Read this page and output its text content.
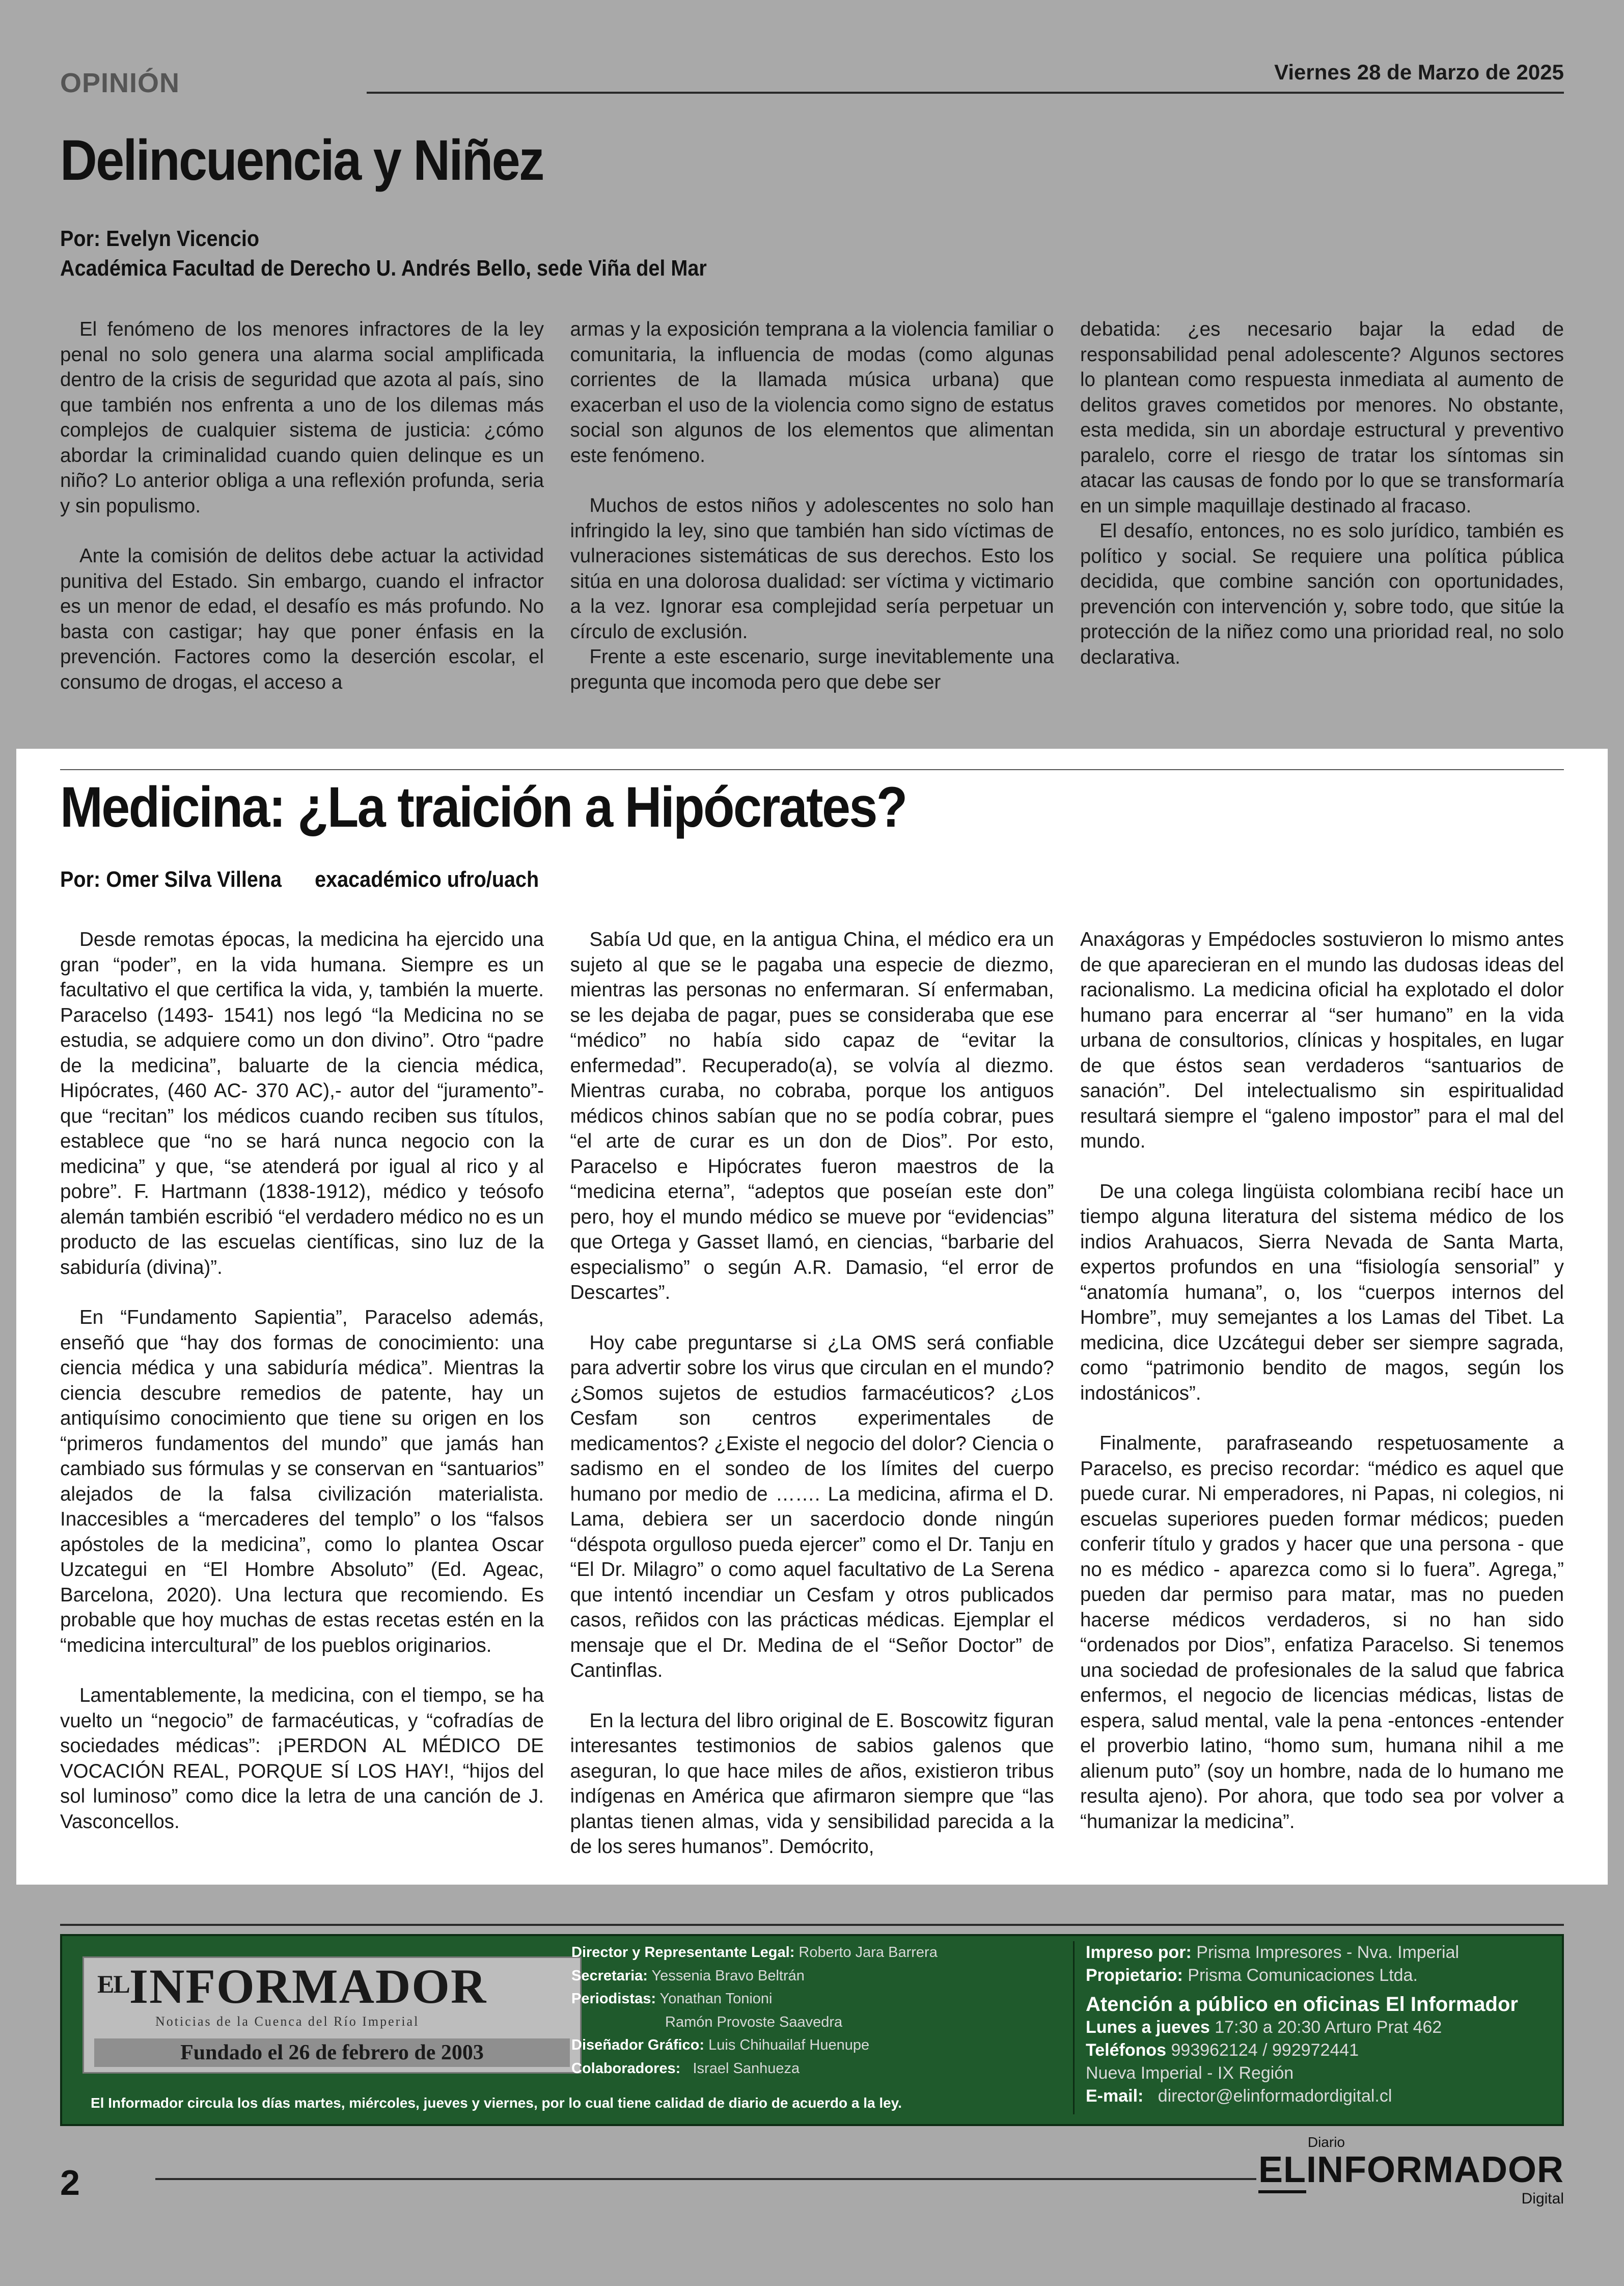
OPINIÓN	Viernes 28 de Marzo de 2025
Delincuencia y Niñez
Por: Evelyn Vicencio
Académica Facultad de Derecho U. Andrés Bello, sede Viña del Mar

El fenómeno de los menores infractores de la ley penal no solo genera una alarma social amplificada dentro de la crisis de seguridad que azota al país, sino que también nos enfrenta a uno de los dilemas más complejos de cualquier sistema de justicia: ¿cómo abordar la criminalidad cuando quien delinque es un niño? Lo anterior obliga a una reflexión profunda, seria y sin populismo.

Ante la comisión de delitos debe actuar la actividad punitiva del Estado. Sin embargo, cuando el infractor es un menor de edad, el desafío es más profundo. No basta con castigar; hay que poner énfasis en la prevención. Factores como la deserción escolar, el consumo de drogas, el acceso a

armas y la exposición temprana a la violencia familiar o comunitaria, la influencia de modas (como algunas corrientes de la llamada música urbana) que exacerban el uso de la violencia como signo de estatus social son algunos de los elementos que alimentan este fenómeno.

Muchos de estos niños y adolescentes no solo han infringido la ley, sino que también han sido víctimas de vulneraciones sistemáticas de sus derechos. Esto los sitúa en una dolorosa dualidad: ser víctima y victimario a la vez. Ignorar esa complejidad sería perpetuar un círculo de exclusión.

Frente a este escenario, surge inevitablemente una pregunta que incomoda pero que debe ser

debatida: ¿es necesario bajar la edad de responsabilidad penal adolescente? Algunos sectores lo plantean como respuesta inmediata al aumento de delitos graves cometidos por menores. No obstante, esta medida, sin un abordaje estructural y preventivo paralelo, corre el riesgo de tratar los síntomas sin atacar las causas de fondo por lo que se transformaría en un simple maquillaje destinado al fracaso.

El desafío, entonces, no es solo jurídico, también es político y social. Se requiere una política pública decidida, que combine sanción con oportunidades, prevención con intervención y, sobre todo, que sitúe la protección de la niñez como una prioridad real, no solo declarativa.

Medicina: ¿La traición a Hipócrates?
Por: Omer Silva Villena exacadémico ufro/uach

Desde remotas épocas, la medicina ha ejercido una gran “poder”, en la vida humana. Siempre es un facultativo el que certifica la vida, y, también la muerte. Paracelso (1493- 1541) nos legó “la Medicina no se estudia, se adquiere como un don divino”. Otro “padre de la medicina”, baluarte de la ciencia médica, Hipócrates, (460 AC- 370 AC),- autor del “juramento”- que “recitan” los médicos cuando reciben sus títulos, establece que “no se hará nunca negocio con la medicina” y que, “se atenderá por igual al rico y al pobre”. F. Hartmann (1838-1912), médico y teósofo alemán también escribió “el verdadero médico no es un producto de las escuelas científicas, sino luz de la sabiduría (divina)”.

En “Fundamento Sapientia”, Paracelso además, enseñó que “hay dos formas de conocimiento: una ciencia médica y una sabiduría médica”. Mientras la ciencia descubre remedios de patente, hay un antiquísimo conocimiento que tiene su origen en los “primeros fundamentos del mundo” que jamás han cambiado sus fórmulas y se conservan en “santuarios” alejados de la falsa civilización materialista. Inaccesibles a “mercaderes del templo” o los “falsos apóstoles de la medicina”, como lo plantea Oscar Uzcategui en “El Hombre Absoluto” (Ed. Ageac, Barcelona, 2020). Una lectura que recomiendo. Es probable que hoy muchas de estas recetas estén en la “medicina intercultural” de los pueblos originarios.

Lamentablemente, la medicina, con el tiempo, se ha vuelto un “negocio” de farmacéuticas, y “cofradías de sociedades médicas”: ¡PERDON AL MÉDICO DE VOCACIÓN REAL, PORQUE SÍ LOS HAY!, “hijos del sol luminoso” como dice la letra de una canción de J. Vasconcellos.

Sabía Ud que, en la antigua China, el médico era un sujeto al que se le pagaba una especie de diezmo, mientras las personas no enfermaran. Sí enfermaban, se les dejaba de pagar, pues se consideraba que ese “médico” no había sido capaz de “evitar la enfermedad”. Recuperado(a), se volvía al diezmo. Mientras curaba, no cobraba, porque los antiguos médicos chinos sabían que no se podía cobrar, pues “el arte de curar es un don de Dios”. Por esto, Paracelso e Hipócrates fueron maestros de la “medicina eterna”, “adeptos que poseían este don” pero, hoy el mundo médico se mueve por “evidencias” que Ortega y Gasset llamó, en ciencias, “barbarie del especialismo” o según A.R. Damasio, “el error de Descartes”.

Hoy cabe preguntarse si ¿La OMS será confiable para advertir sobre los virus que circulan en el mundo? ¿Somos sujetos de estudios farmacéuticos? ¿Los Cesfam son centros experimentales de medicamentos? ¿Existe el negocio del dolor? Ciencia o sadismo en el sondeo de los límites del cuerpo humano por medio de ……. La medicina, afirma el D. Lama, debiera ser un sacerdocio donde ningún “déspota orgulloso pueda ejercer” como el Dr. Tanju en “El Dr. Milagro” o como aquel facultativo de La Serena que intentó incendiar un Cesfam y otros publicados casos, reñidos con las prácticas médicas. Ejemplar el mensaje que el Dr. Medina de el “Señor Doctor” de Cantinflas.

En la lectura del libro original de E. Boscowitz figuran interesantes testimonios de sabios galenos que aseguran, lo que hace miles de años, existieron tribus indígenas en América que afirmaron siempre que “las plantas tienen almas, vida y sensibilidad parecida a la de los seres humanos”. Demócrito,

Anaxágoras y Empédocles sostuvieron lo mismo antes de que aparecieran en el mundo las dudosas ideas del racionalismo. La medicina oficial ha explotado el dolor humano para encerrar al “ser humano” en la vida urbana de consultorios, clínicas y hospitales, en lugar de que éstos sean verdaderos “santuarios de sanación”. Del intelectualismo sin espiritualidad resultará siempre el “galeno impostor” para el mal del mundo.

De una colega lingüista colombiana recibí hace un tiempo alguna literatura del sistema médico de los indios Arahuacos, Sierra Nevada de Santa Marta, expertos profundos en una “fisiología sensorial” y “anatomía humana”, o, los “cuerpos internos del Hombre”, muy semejantes a los Lamas del Tibet. La medicina, dice Uzcátegui deber ser siempre sagrada, como “patrimonio bendito de magos, según los indostánicos”.

Finalmente, parafraseando respetuosamente a Paracelso, es preciso recordar: “médico es aquel que puede curar. Ni emperadores, ni Papas, ni colegios, ni escuelas superiores pueden formar médicos; pueden conferir título y grados y hacer que una persona - que no es médico - aparezca como si lo fuera”. Agrega,” pueden dar permiso para matar, mas no pueden hacerse médicos verdaderos, si no han sido “ordenados por Dios”, enfatiza Paracelso. Si tenemos una sociedad de profesionales de la salud que fabrica enfermos, el negocio de licencias médicas, listas de espera, salud mental, vale la pena -entonces -entender el proverbio latino, “homo sum, humana nihil a me alienum puto” (soy un hombre, nada de lo humano me resulta ajeno). Por ahora, que todo sea por volver a “humanizar la medicina”.

$^{EL}$INFORMADOR
Noticias de la Cuenca del Río Imperial
Fundado el 26 de febrero de 2003
Director y Representante Legal: Roberto Jara Barrera
Secretaria: Yessenia Bravo Beltrán
Periodistas: Yonathan Tonioni
Ramón Provoste Saavedra
Diseñador Gráfico: Luis Chihuailaf Huenupe
Colaboradores: Israel Sanhueza
Impreso por: Prisma Impresores - Nva. Imperial
Propietario: Prisma Comunicaciones Ltda.
Atención a público en oficinas El Informador
Lunes a jueves 17:30 a 20:30 Arturo Prat 462
Teléfonos 993962124 / 992972441
Nueva Imperial - IX Región
E-mail: director@elinformadordigital.cl
El Informador circula los días martes, miércoles, jueves y viernes, por lo cual tiene calidad de diario de acuerdo a la ley.
2
Diario
ELINFORMADOR
Digital
